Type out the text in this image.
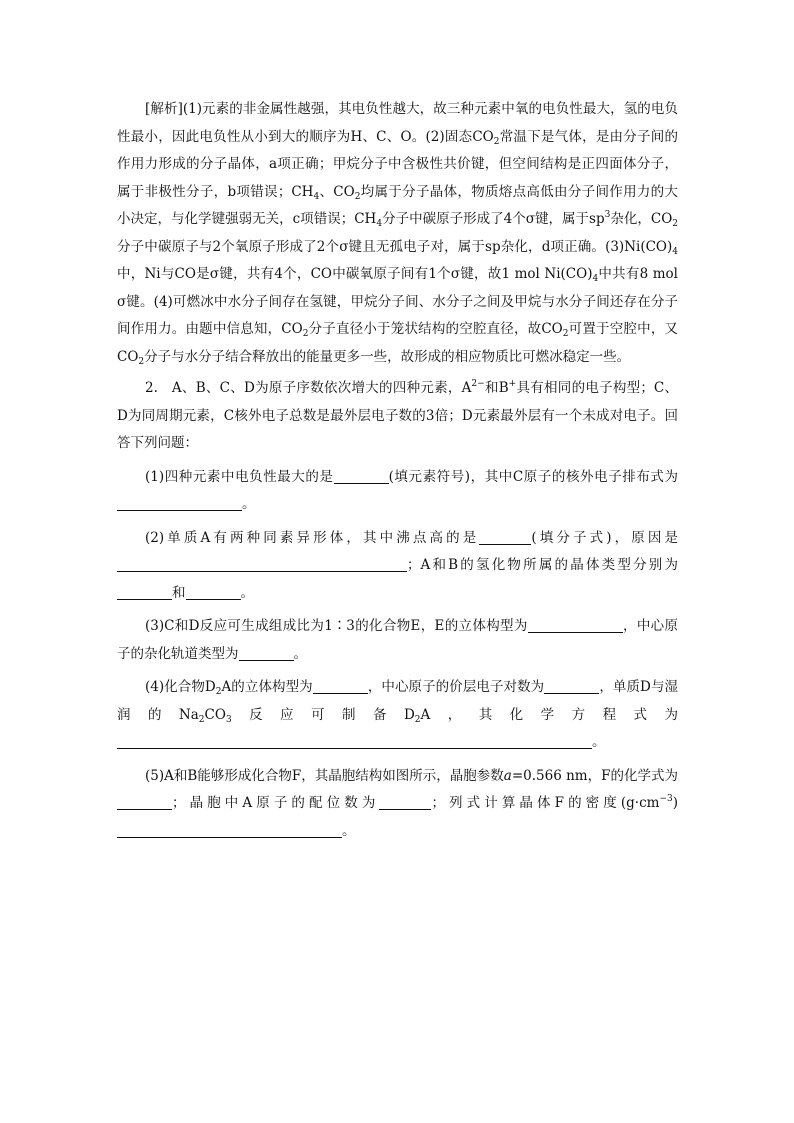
[解析](1)元素的非金属性越强，其电负性越大，故三种元素中氧的电负性最大，氢的电负性最小，因此电负性从小到大的顺序为H、C、O。(2)固态$CO_2$常温下是气体，是由分子间的作用力形成的分子晶体，a项正确；甲烷分子中含极性共价键，但空间结构是正四面体分子，属于非极性分子，b项错误；$CH_4$、$CO_2$均属于分子晶体，物质熔点高低由分子间作用力的大小决定，与化学键强弱无关，c项错误；$CH_4$分子中碳原子形成了4个σ键，属于$sp^3$杂化，$CO_2$分子中碳原子与2个氧原子形成了2个σ键且无孤电子对，属于sp杂化，d项正确。$(3)Ni(CO)_4$中，Ni与CO是σ键，共有4个，CO中碳氧原子间有1个σ键，故1 mol $Ni(CO)_4$中共有8 mol σ键。(4)可燃冰中水分子间存在氢键，甲烷分子间、水分子之间及甲烷与水分子间还存在分子间作用力。由题中信息知，$CO_2$分子直径小于笼状结构的空腔直径，故$CO_2$可置于空腔中，又$CO_2$分子与水分子结合释放出的能量更多一些，故形成的相应物质比可燃冰稳定一些。

2.　A、B、C、D为原子序数依次增大的四种元素，$A^{2-}$和B+具有相同的电子构型；C、D为同周期元素，C核外电子总数是最外层电子数的3倍；D元素最外层有一个未成对电子。回答下列问题：

(1)四种元素中电负性最大的是	(填元素符号)，其中C原子的核外电子排布式为。

(2)单质A有两种同素异形体，其中沸点高的是	(填分子式)，原因是；A和B的氢化物所属的晶体类型分别为和	。

(3)C和D反应可生成组成比为1∶3的化合物E，E的立体构型为	，中心原子的杂化轨道类型为	。

(4)化合物$D_2A$的立体构型为	，中心原子的价层电子对数为	，单质D与湿润的$Na_2CO_3$反应可制备$D_2A$，其化学方程式为。

(5)A和B能够形成化合物F，其晶胞结构如图所示，晶胞参数a=0.566 nm，F的化学式为；晶胞中A原子的配位数为	；列式计算晶体F的密度$(g\cdot cm^{-3})$。
